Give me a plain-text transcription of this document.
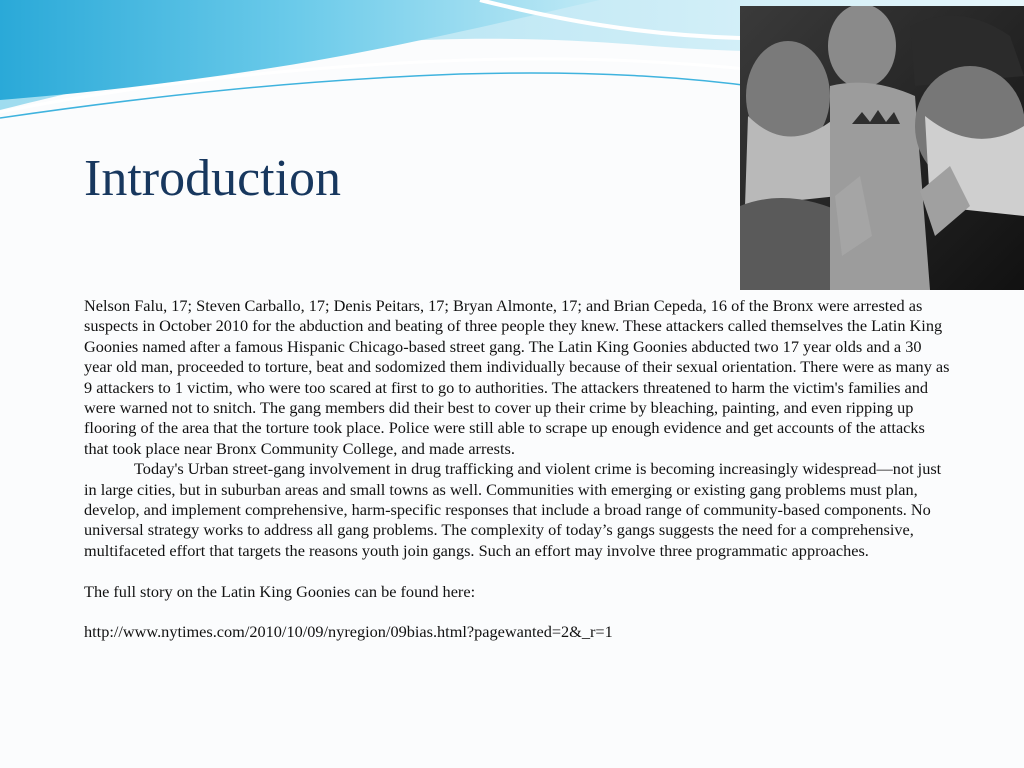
Introduction

Nelson Falu, 17; Steven Carballo, 17; Denis Peitars, 17; Bryan Almonte, 17; and Brian Cepeda, 16 of the Bronx were arrested as suspects in October 2010 for the abduction and beating of three people they knew. These attackers called themselves the Latin King Goonies named after a famous Hispanic Chicago-based street gang. The Latin King Goonies abducted two 17 year olds and a 30 year old man, proceeded to torture, beat and sodomized them individually because of their sexual orientation. There were as many as 9 attackers to 1 victim, who were too scared at first to go to authorities. The attackers threatened to harm the victim's families and were warned not to snitch. The gang members did their best to cover up their crime by bleaching, painting, and even ripping up flooring of the area that the torture took place. Police were still able to scrape up enough evidence and get accounts of the attacks that took place near Bronx Community College, and made arrests.

Today's Urban street-gang involvement in drug trafficking and violent crime is becoming increasingly widespread—not just in large cities, but in suburban areas and small towns as well. Communities with emerging or existing gang problems must plan, develop, and implement comprehensive, harm-specific responses that include a broad range of community-based components. No universal strategy works to address all gang problems. The complexity of today’s gangs suggests the need for a comprehensive, multifaceted effort that targets the reasons youth join gangs. Such an effort may involve three programmatic approaches.

The full story on the Latin King Goonies can be found here:

http://www.nytimes.com/2010/10/09/nyregion/09bias.html?pagewanted=2&_r=1
